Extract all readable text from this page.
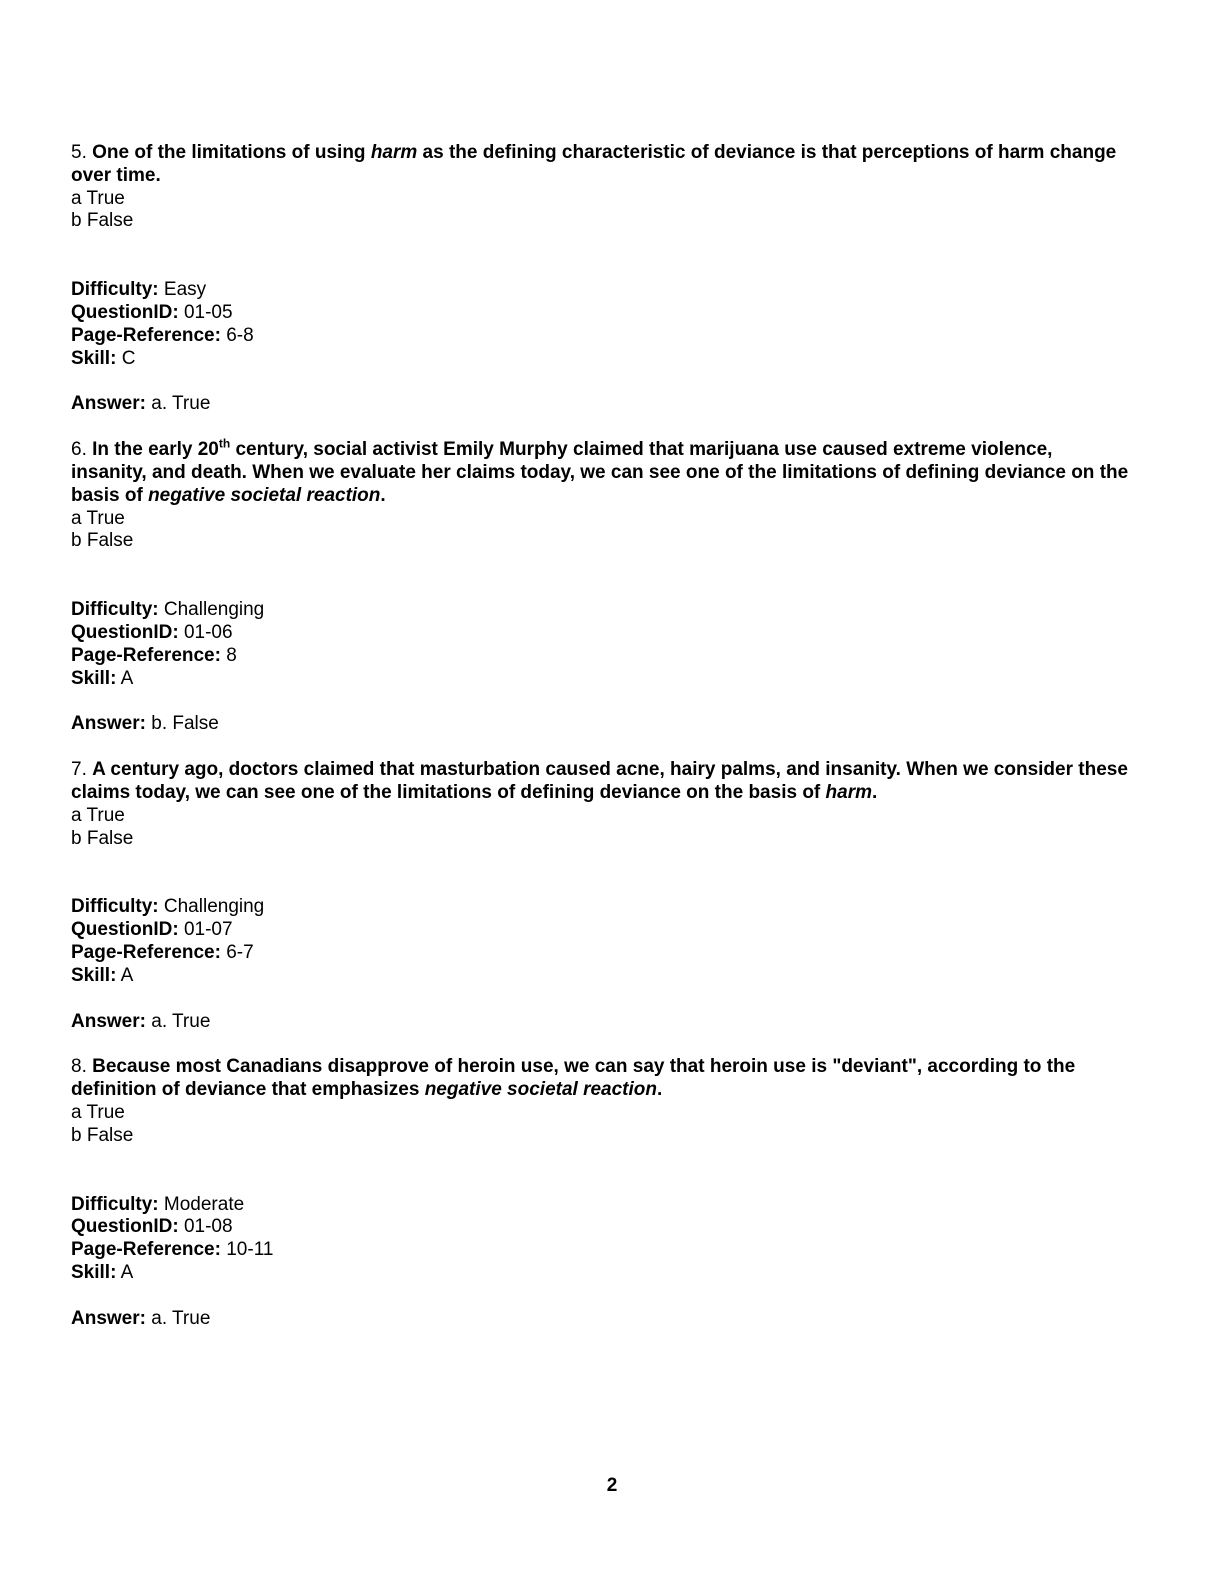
5. One of the limitations of using harm as the defining characteristic of deviance is that perceptions of harm change over time.
a True
b False
Difficulty: Easy
QuestionID: 01-05
Page-Reference: 6-8
Skill: C
Answer: a. True
6. In the early 20th century, social activist Emily Murphy claimed that marijuana use caused extreme violence, insanity, and death. When we evaluate her claims today, we can see one of the limitations of defining deviance on the basis of negative societal reaction.
a True
b False
Difficulty: Challenging
QuestionID: 01-06
Page-Reference: 8
Skill: A
Answer: b. False
7. A century ago, doctors claimed that masturbation caused acne, hairy palms, and insanity. When we consider these claims today, we can see one of the limitations of defining deviance on the basis of harm.
a True
b False
Difficulty: Challenging
QuestionID: 01-07
Page-Reference: 6-7
Skill: A
Answer: a. True
8. Because most Canadians disapprove of heroin use, we can say that heroin use is "deviant", according to the definition of deviance that emphasizes negative societal reaction.
a True
b False
Difficulty: Moderate
QuestionID: 01-08
Page-Reference: 10-11
Skill: A
Answer: a. True
2
